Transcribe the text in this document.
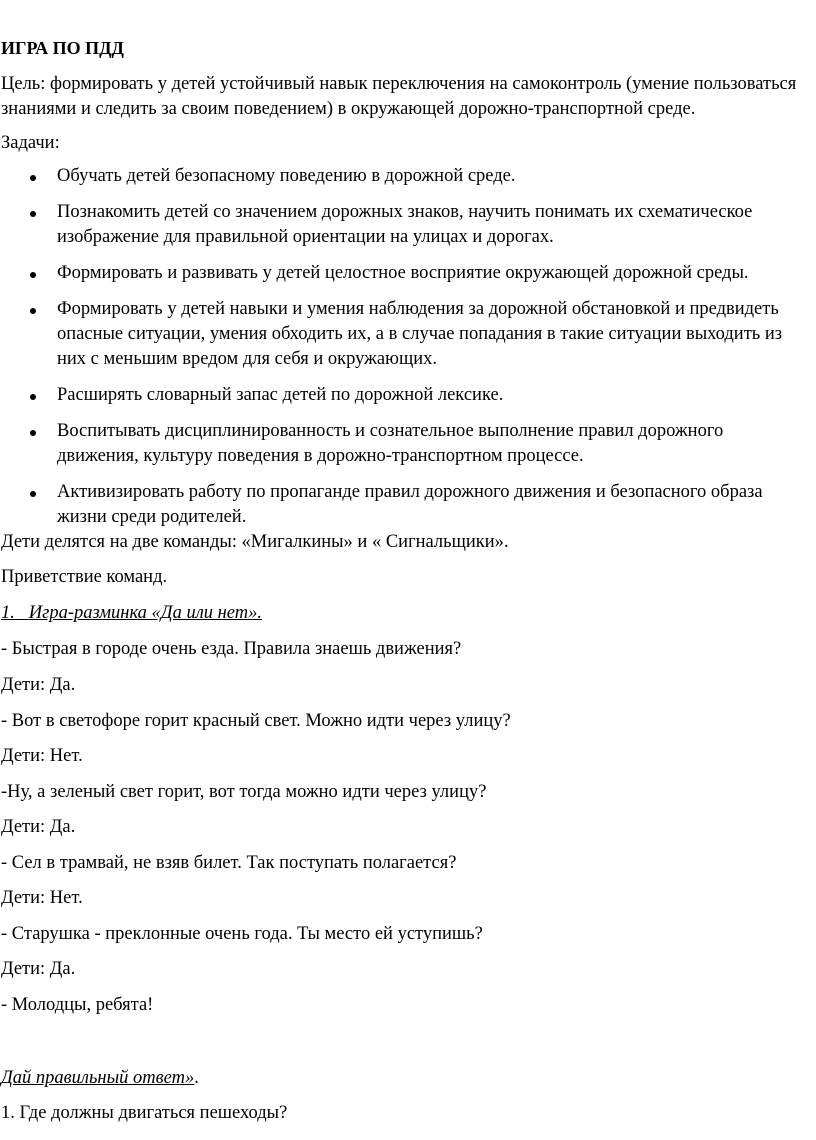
ИГРА ПО ПДД

Цель: формировать у детей устойчивый навык переключения на самоконтроль (умение пользоваться знаниями и следить за своим поведением) в окружающей дорожно-транспортной среде.

Задачи:

Обучать детей безопасному поведению в дорожной среде.
Познакомить детей со значением дорожных знаков, научить понимать их схематическое изображение для правильной ориентации на улицах и дорогах.
Формировать и развивать у детей целостное восприятие окружающей дорожной среды.
Формировать у детей навыки и умения наблюдения за дорожной обстановкой и предвидеть опасные ситуации, умения обходить их, а в случае попадания в такие ситуации выходить из них с меньшим вредом для себя и окружающих.
Расширять словарный запас детей по дорожной лексике.
Воспитывать дисциплинированность и сознательное выполнение правил дорожного движения, культуру поведения в дорожно-транспортном процессе.
Активизировать работу по пропаганде правил дорожного движения и безопасного образа жизни среди родителей.

Дети делятся на две команды: «Мигалкины» и « Сигнальщики».

Приветствие команд.

1. Игра-разминка «Да или нет».

- Быстрая в городе очень езда. Правила знаешь движения?

Дети: Да.

- Вот в светофоре горит красный свет. Можно идти через улицу?

Дети: Нет.

-Ну, а зеленый свет горит, вот тогда можно идти через улицу?

Дети: Да.

- Сел в трамвай, не взяв билет. Так поступать полагается?

Дети: Нет.

- Старушка - преклонные очень года. Ты место ей уступишь?

Дети: Да.

- Молодцы, ребята!

Дай правильный ответ».

1. Где должны двигаться пешеходы?
